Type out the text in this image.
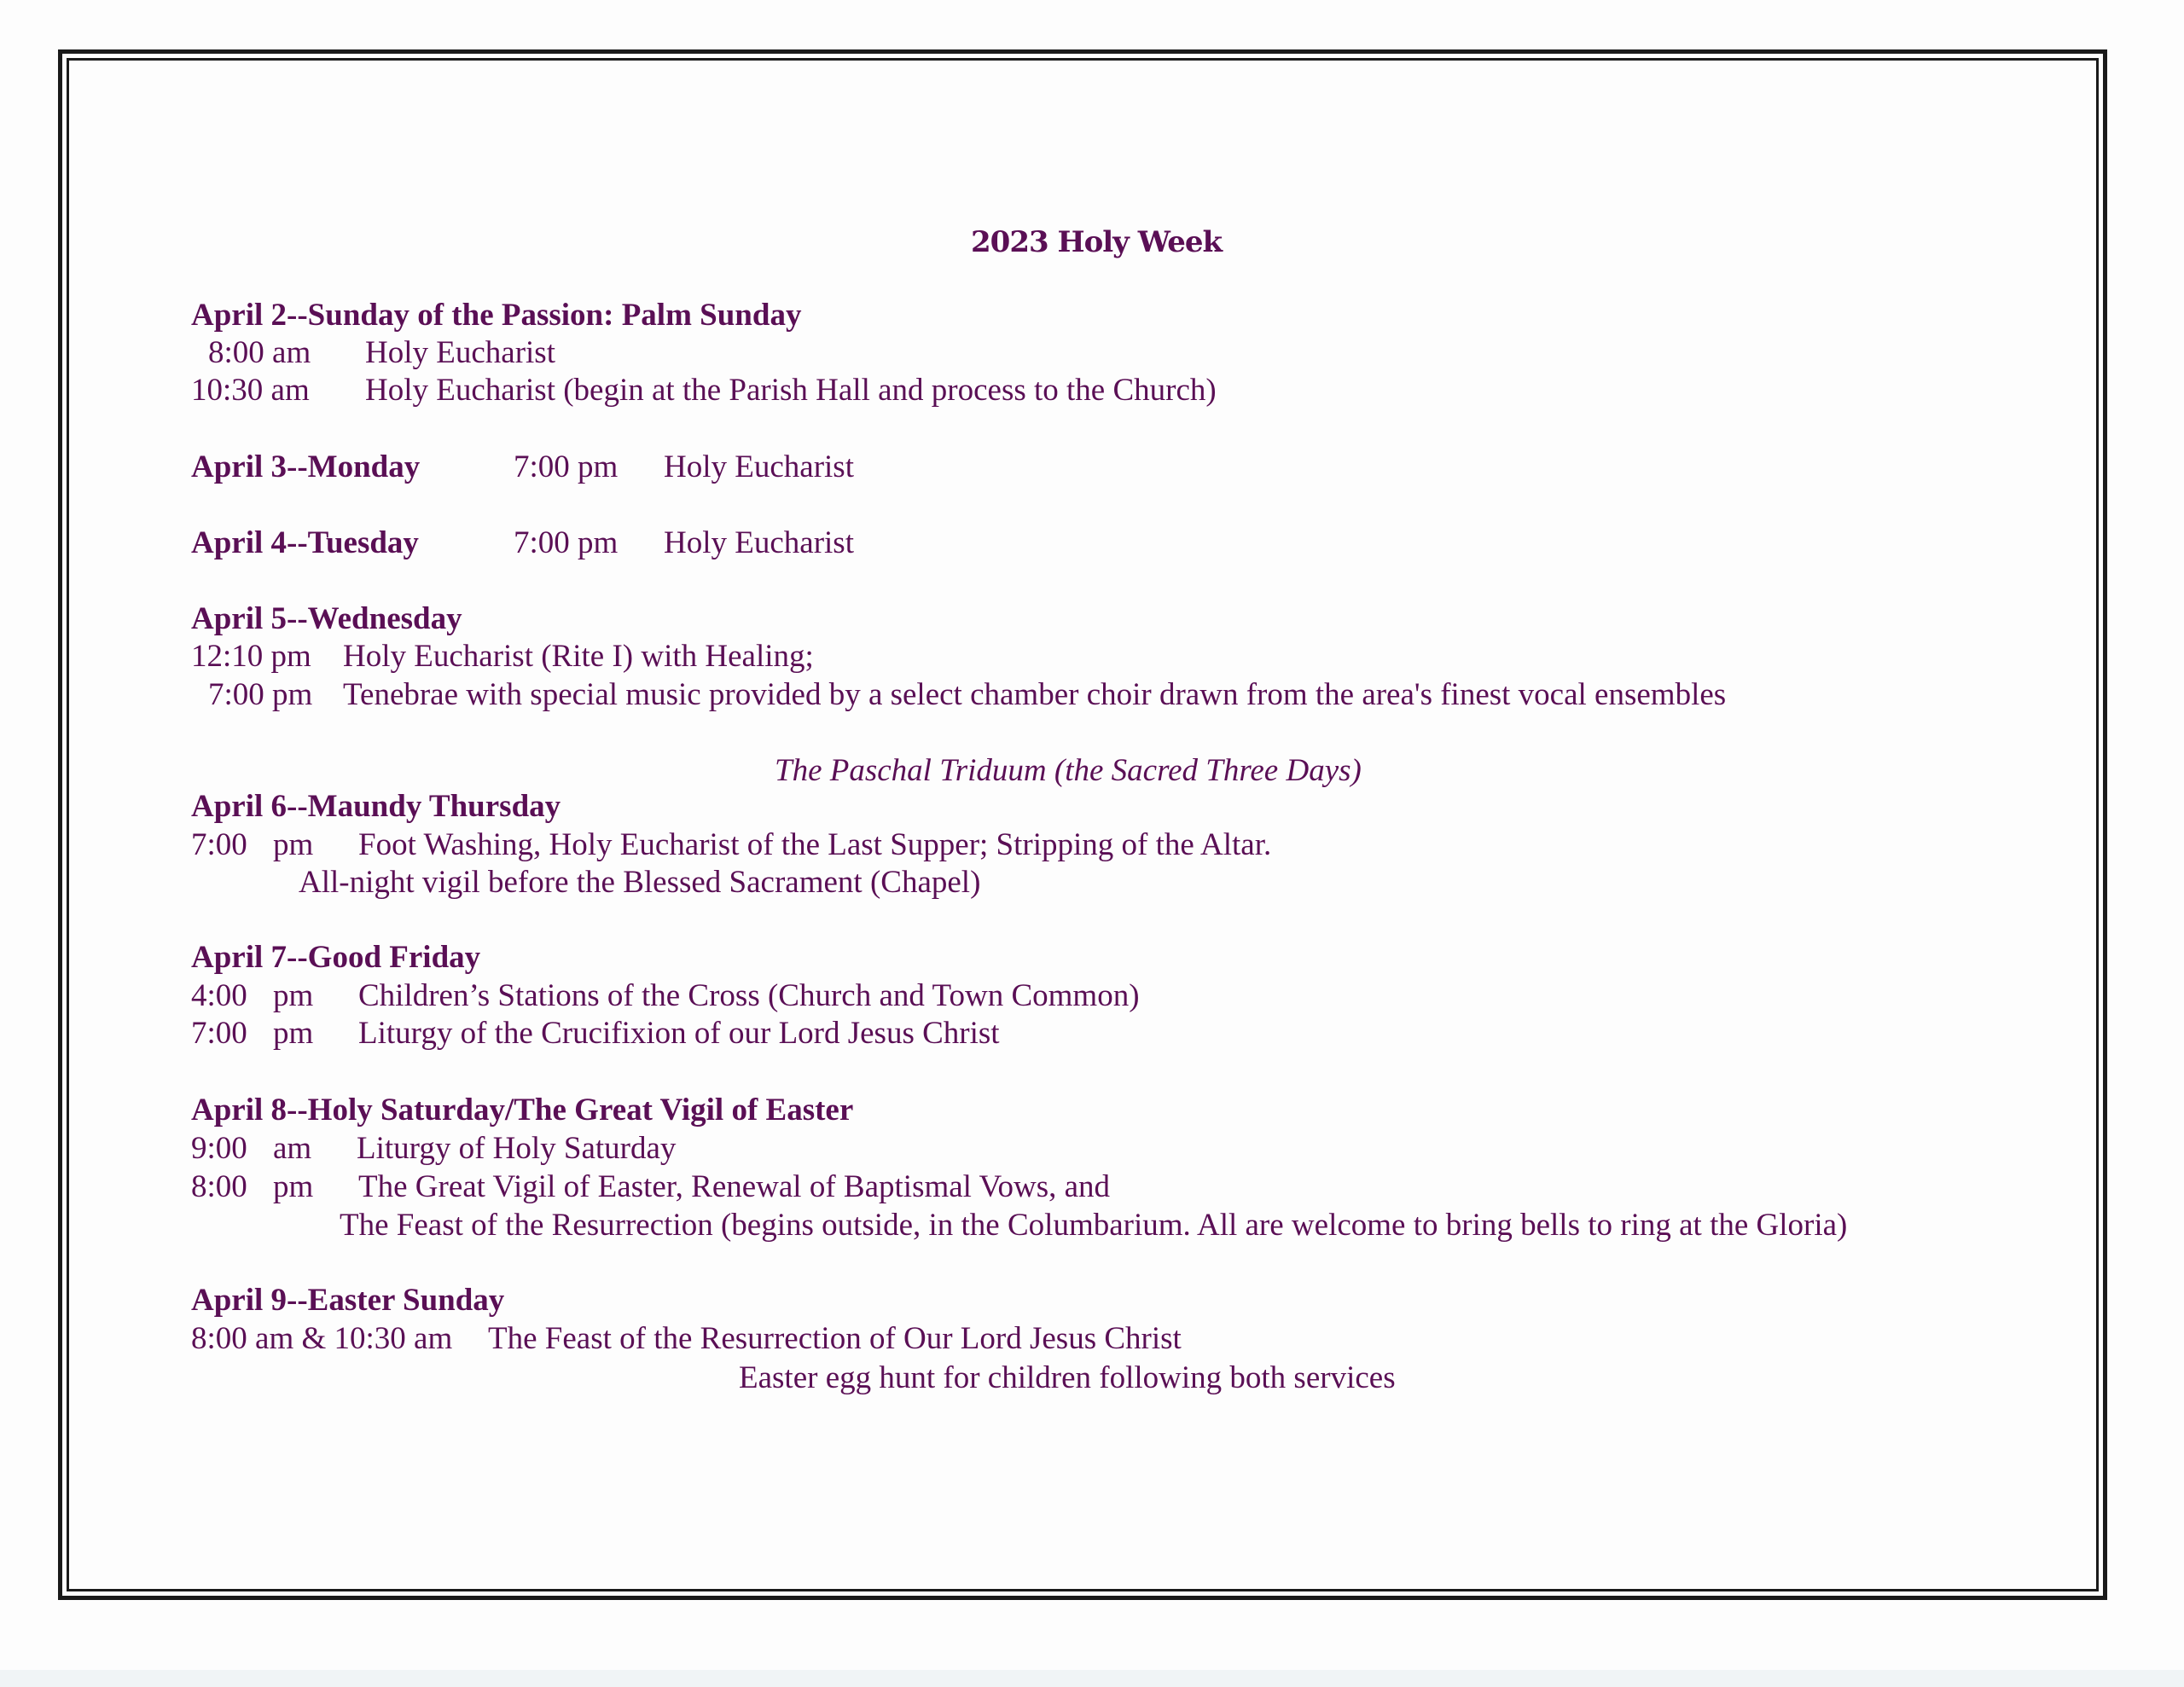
2023 Holy Week
April 2--Sunday of the Passion: Palm Sunday
8:00 am Holy Eucharist
10:30 am Holy Eucharist (begin at the Parish Hall and process to the Church)
April 3--Monday	7:00 pm Holy Eucharist
April 4--Tuesday	7:00 pm Holy Eucharist
April 5--Wednesday
12:10 pm Holy Eucharist (Rite I) with Healing;
7:00 pm Tenebrae with special music provided by a select chamber choir drawn from the area's finest vocal ensembles
The Paschal Triduum (the Sacred Three Days)
April 6--Maundy Thursday
7:00 pm Foot Washing, Holy Eucharist of the Last Supper; Stripping of the Altar.
All-night vigil before the Blessed Sacrament (Chapel)
April 7--Good Friday
4:00 pm Children’s Stations of the Cross (Church and Town Common)
7:00 pm Liturgy of the Crucifixion of our Lord Jesus Christ
April 8--Holy Saturday/The Great Vigil of Easter
9:00 am Liturgy of Holy Saturday
8:00 pm The Great Vigil of Easter, Renewal of Baptismal Vows, and
The Feast of the Resurrection (begins outside, in the Columbarium. All are welcome to bring bells to ring at the Gloria)
April 9--Easter Sunday
8:00 am & 10:30 am The Feast of the Resurrection of Our Lord Jesus Christ
Easter egg hunt for children following both services
